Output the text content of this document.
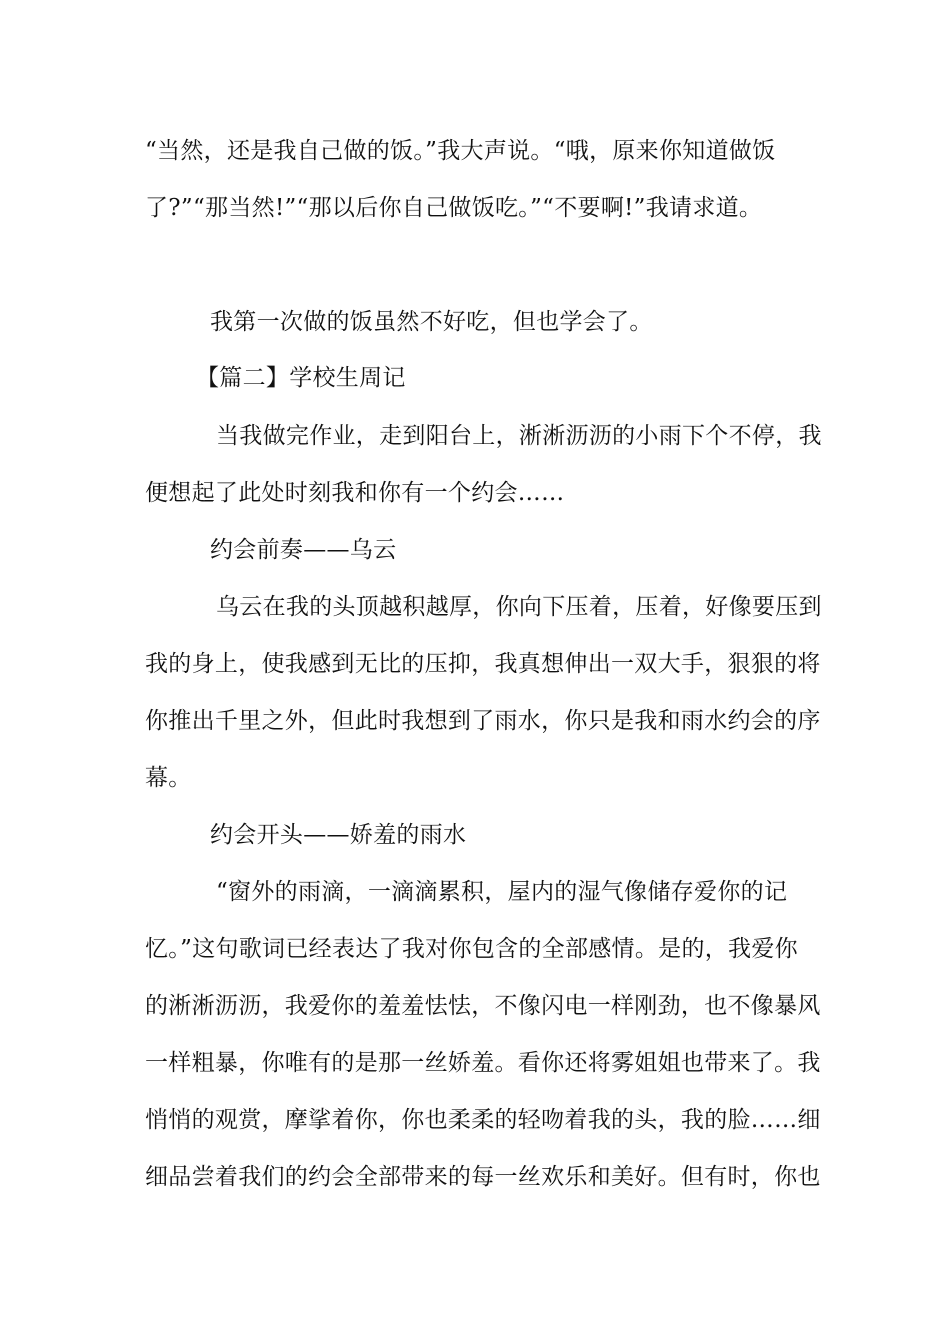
“当然，还是我自己做的饭。”我大声说。“哦，原来你知道做饭
了?”“那当然!”“那以后你自己做饭吃。”“不要啊!”我请求道。
我第一次做的饭虽然不好吃，但也学会了。
【篇二】学校生周记
当我做完作业，走到阳台上，淅淅沥沥的小雨下个不停，我
便想起了此处时刻我和你有一个约会……
约会前奏——乌云
乌云在我的头顶越积越厚，你向下压着，压着，好像要压到
我的身上，使我感到无比的压抑，我真想伸出一双大手，狠狠的将
你推出千里之外，但此时我想到了雨水，你只是我和雨水约会的序
幕。
约会开头——娇羞的雨水
“窗外的雨滴，一滴滴累积，屋内的湿气像储存爱你的记
忆。”这句歌词已经表达了我对你包含的全部感情。是的，我爱你
的淅淅沥沥，我爱你的羞羞怯怯，不像闪电一样刚劲，也不像暴风
一样粗暴，你唯有的是那一丝娇羞。看你还将雾姐姐也带来了。我
悄悄的观赏，摩挲着你，你也柔柔的轻吻着我的头，我的脸……细
细品尝着我们的约会全部带来的每一丝欢乐和美好。但有时，你也
